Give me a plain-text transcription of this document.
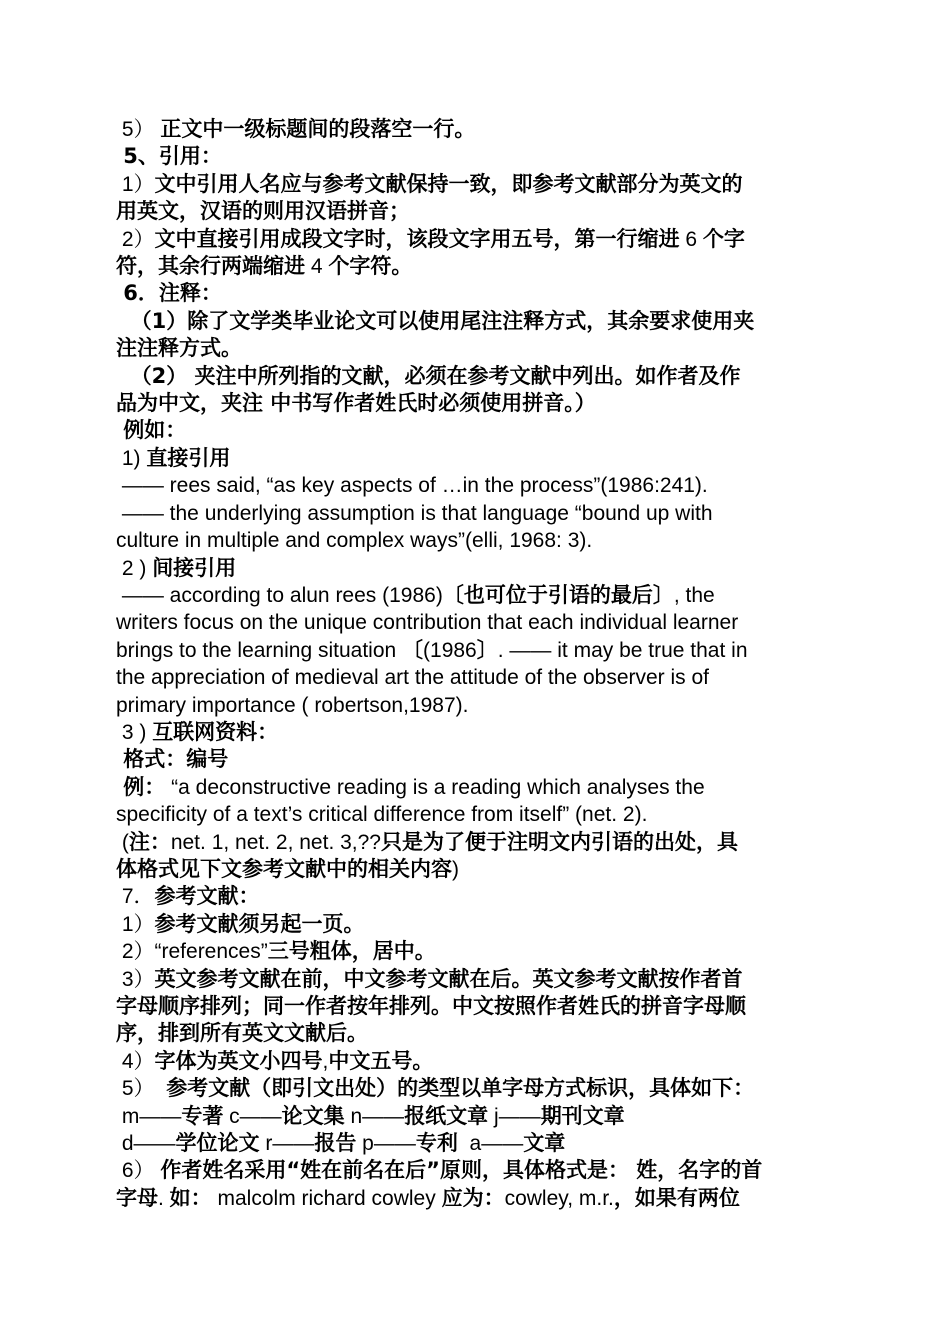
5） 正文中一级标题间的段落空一行。
5、引用：
1）文中引用人名应与参考文献保持一致，即参考文献部分为英文的
用英文，汉语的则用汉语拼音；
2）文中直接引用成段文字时，该段文字用五号，第一行缩进 6 个字
符，其余行两端缩进 4 个字符。
6．注释：
（1）除了文学类毕业论文可以使用尾注注释方式，其余要求使用夹
注注释方式。
（2） 夹注中所列指的文献，必须在参考文献中列出。如作者及作
品为中文，夹注 中书写作者姓氏时必须使用拼音。）
例如：
1) 直接引用
—— rees said, “as key aspects of …in the process”(1986:241).
—— the underlying assumption is that language “bound up with
culture in multiple and complex ways”(elli, 1968: 3).
2 ) 间接引用
—— according to alun rees (1986)〔也可位于引语的最后〕, the
writers focus on the unique contribution that each individual learner
brings to the learning situation 〔(1986〕. —— it may be true that in
the appreciation of medieval art the attitude of the observer is of
primary importance ( robertson,1987).
3 ) 互联网资料：
格式：编号
例： “a deconstructive reading is a reading which analyses the
specificity of a text’s critical difference from itself” (net. 2).
(注：net. 1, net. 2, net. 3,??只是为了便于注明文内引语的出处，具
体格式见下文参考文献中的相关内容)
7．参考文献：
1）参考文献须另起一页。
2）“references”三号粗体，居中。
3）英文参考文献在前，中文参考文献在后。英文参考文献按作者首
字母顺序排列；同一作者按年排列。中文按照作者姓氏的拼音字母顺
序，排到所有英文文献后。
4）字体为英文小四号,中文五号。
5）  参考文献（即引文出处）的类型以单字母方式标识，具体如下：
m——专著 c——论文集 n——报纸文章 j——期刊文章
d——学位论文 r——报告 p——专利  a——文章
6） 作者姓名采用“姓在前名在后”原则，具体格式是： 姓，名字的首
字母. 如： malcolm richard cowley 应为：cowley, m.r.，如果有两位
